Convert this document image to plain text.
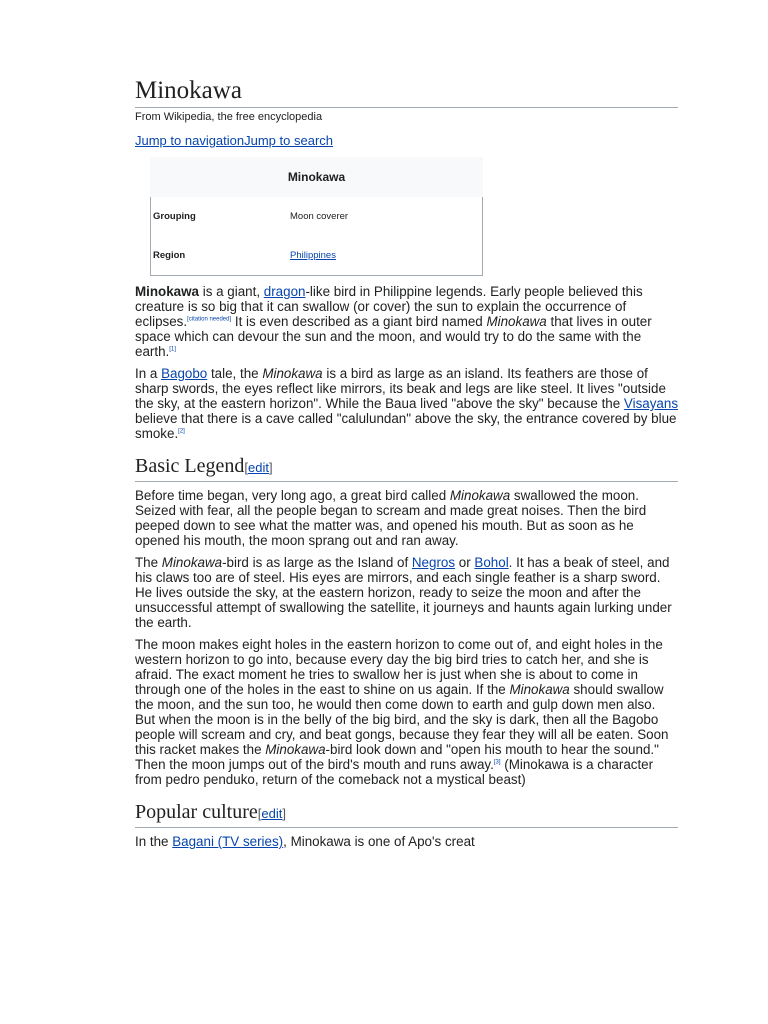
Minokawa
From Wikipedia, the free encyclopedia
Jump to navigationJump to search
Minokawa
Grouping	Moon coverer
Region	Philippines

Minokawa is a giant, dragon-like bird in Philippine legends. Early people believed this creature is so big that it can swallow (or cover) the sun to explain the occurrence of eclipses.[citation needed] It is even described as a giant bird named Minokawa that lives in outer space which can devour the sun and the moon, and would try to do the same with the earth.[1]

In a Bagobo tale, the Minokawa is a bird as large as an island. Its feathers are those of sharp swords, the eyes reflect like mirrors, its beak and legs are like steel. It lives "outside the sky, at the eastern horizon". While the Baua lived "above the sky" because the Visayans believe that there is a cave called "calulundan" above the sky, the entrance covered by blue smoke.[2]

Basic Legend[edit]

Before time began, very long ago, a great bird called Minokawa swallowed the moon. Seized with fear, all the people began to scream and made great noises. Then the bird peeped down to see what the matter was, and opened his mouth. But as soon as he opened his mouth, the moon sprang out and ran away.

The Minokawa-bird is as large as the Island of Negros or Bohol. It has a beak of steel, and his claws too are of steel. His eyes are mirrors, and each single feather is a sharp sword. He lives outside the sky, at the eastern horizon, ready to seize the moon and after the unsuccessful attempt of swallowing the satellite, it journeys and haunts again lurking under the earth.

The moon makes eight holes in the eastern horizon to come out of, and eight holes in the western horizon to go into, because every day the big bird tries to catch her, and she is afraid. The exact moment he tries to swallow her is just when she is about to come in through one of the holes in the east to shine on us again. If the Minokawa should swallow the moon, and the sun too, he would then come down to earth and gulp down men also. But when the moon is in the belly of the big bird, and the sky is dark, then all the Bagobo people will scream and cry, and beat gongs, because they fear they will all be eaten. Soon this racket makes the Minokawa-bird look down and "open his mouth to hear the sound." Then the moon jumps out of the bird's mouth and runs away.[3] (Minokawa is a character from pedro penduko, return of the comeback not a mystical beast)

Popular culture[edit]

In the Bagani (TV series), Minokawa is one of Apo's creat
